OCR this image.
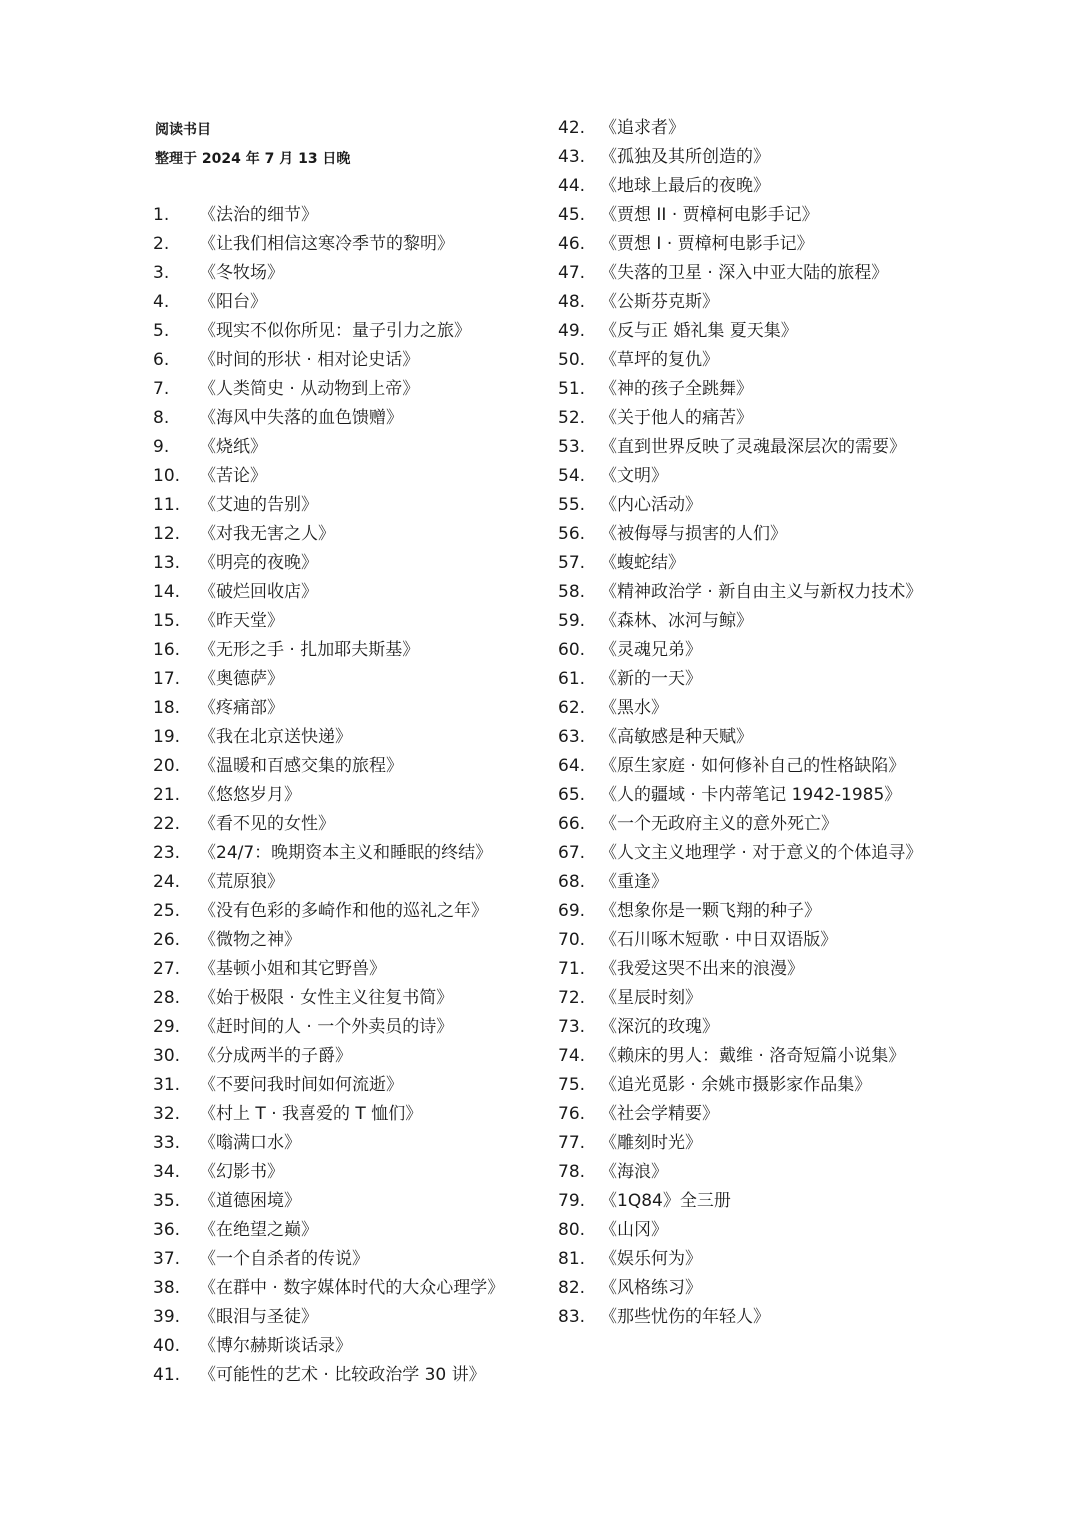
阅读书目
整理于 2024 年 7 月 13 日晚
1.	《法治的细节》
2.	《让我们相信这寒冷季节的黎明》
3.	《冬牧场》
4.	《阳台》
5.	《现实不似你所见：量子引力之旅》
6.	《时间的形状 · 相对论史话》
7.	《人类简史 · 从动物到上帝》
8.	《海风中失落的血色馈赠》
9.	《烧纸》
10.	《苦论》
11.	《艾迪的告别》
12.	《对我无害之人》
13.	《明亮的夜晚》
14.	《破烂回收店》
15.	《昨天堂》
16.	《无形之手 · 扎加耶夫斯基》
17.	《奥德萨》
18.	《疼痛部》
19.	《我在北京送快递》
20.	《温暖和百感交集的旅程》
21.	《悠悠岁月》
22.	《看不见的女性》
23.	《24/7：晚期资本主义和睡眠的终结》
24.	《荒原狼》
25.	《没有色彩的多崎作和他的巡礼之年》
26.	《微物之神》
27.	《基顿小姐和其它野兽》
28.	《始于极限 · 女性主义往复书简》
29.	《赶时间的人 · 一个外卖员的诗》
30.	《分成两半的子爵》
31.	《不要问我时间如何流逝》
32.	《村上 T · 我喜爱的 T 恤们》
33.	《嗡满口水》
34.	《幻影书》
35.	《道德困境》
36.	《在绝望之巅》
37.	《一个自杀者的传说》
38.	《在群中 · 数字媒体时代的大众心理学》
39.	《眼泪与圣徒》
40.	《博尔赫斯谈话录》
41.	《可能性的艺术 · 比较政治学 30 讲》
42. 《追求者》
43. 《孤独及其所创造的》
44. 《地球上最后的夜晚》
45. 《贾想 II · 贾樟柯电影手记》
46. 《贾想 I · 贾樟柯电影手记》
47. 《失落的卫星 · 深入中亚大陆的旅程》
48. 《公斯芬克斯》
49. 《反与正 婚礼集 夏天集》
50. 《草坪的复仇》
51. 《神的孩子全跳舞》
52. 《关于他人的痛苦》
53. 《直到世界反映了灵魂最深层次的需要》
54. 《文明》
55. 《内心活动》
56. 《被侮辱与损害的人们》
57. 《蝮蛇结》
58. 《精神政治学 · 新自由主义与新权力技术》
59. 《森林、冰河与鲸》
60. 《灵魂兄弟》
61. 《新的一天》
62. 《黑水》
63. 《高敏感是种天赋》
64. 《原生家庭 · 如何修补自己的性格缺陷》
65. 《人的疆域 · 卡内蒂笔记 1942-1985》
66. 《一个无政府主义的意外死亡》
67. 《人文主义地理学 · 对于意义的个体追寻》
68. 《重逢》
69. 《想象你是一颗飞翔的种子》
70. 《石川啄木短歌 · 中日双语版》
71. 《我爱这哭不出来的浪漫》
72. 《星辰时刻》
73. 《深沉的玫瑰》
74. 《赖床的男人：戴维 · 洛奇短篇小说集》
75. 《追光觅影 · 余姚市摄影家作品集》
76. 《社会学精要》
77. 《雕刻时光》
78. 《海浪》
79. 《1Q84》全三册
80. 《山冈》
81. 《娱乐何为》
82. 《风格练习》
83. 《那些忧伤的年轻人》
